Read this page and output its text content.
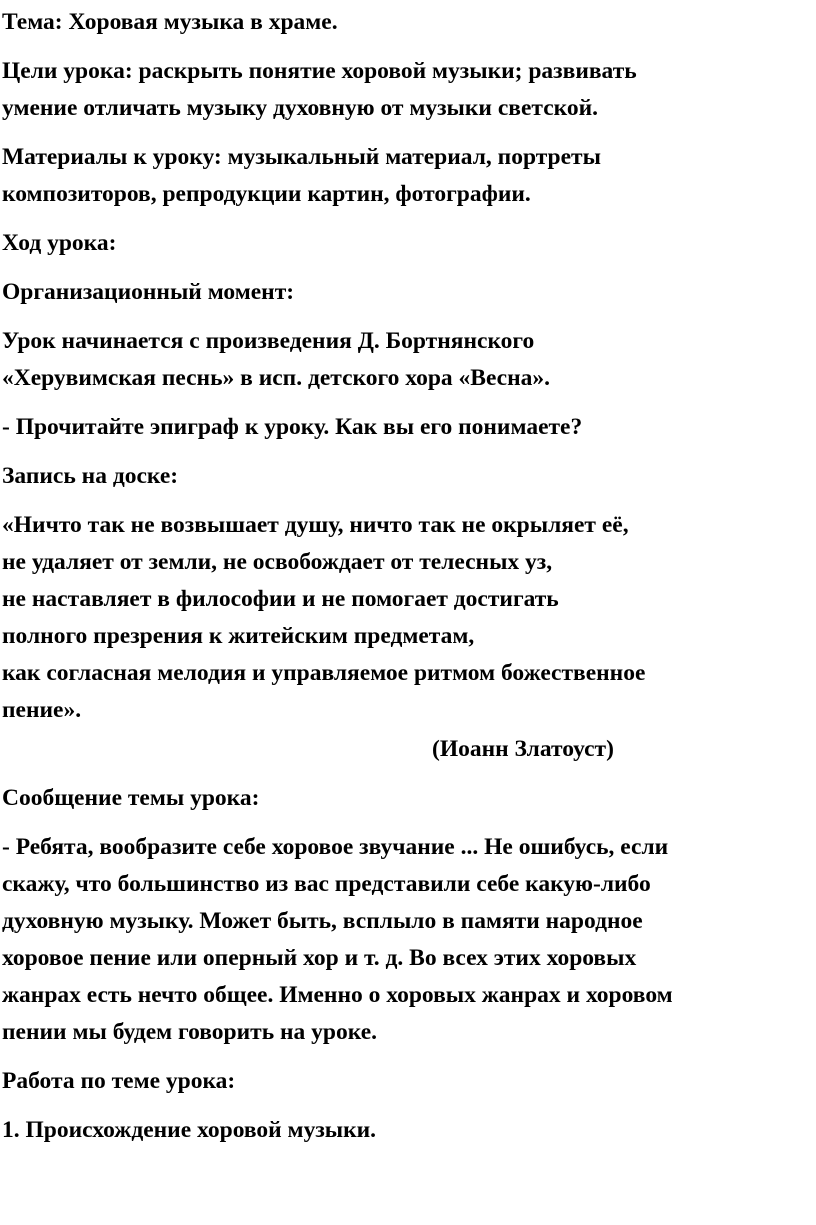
Тема: Хоровая музыка в храме.

Цели урока: раскрыть понятие хоровой музыки; развивать
умение отличать музыку духовную от музыки светской.

Материалы к уроку: музыкальный материал, портреты
композиторов, репродукции картин, фотографии.

Ход урока:

Организационный момент:

Урок начинается с произведения Д. Бортнянского
«Херувимская песнь» в исп. детского хора «Весна».

- Прочитайте эпиграф к уроку. Как вы его понимаете?

Запись на доске:

«Ничто так не возвышает душу, ничто так не окрыляет её,
не удаляет от земли, не освобождает от телесных уз,
не наставляет в философии и не помогает достигать
полного презрения к житейским предметам,
как согласная мелодия и управляемое ритмом божественное
пение».
(Иоанн Златоуст)

Сообщение темы урока:

- Ребята, вообразите себе хоровое звучание ... Не ошибусь, если
скажу, что большинство из вас представили себе какую-либо
духовную музыку. Может быть, всплыло в памяти народное
хоровое пение или оперный хор и т. д. Во всех этих хоровых
жанрах есть нечто общее. Именно о хоровых жанрах и хоровом
пении мы будем говорить на уроке.

Работа по теме урока:

1. Происхождение хоровой музыки.
